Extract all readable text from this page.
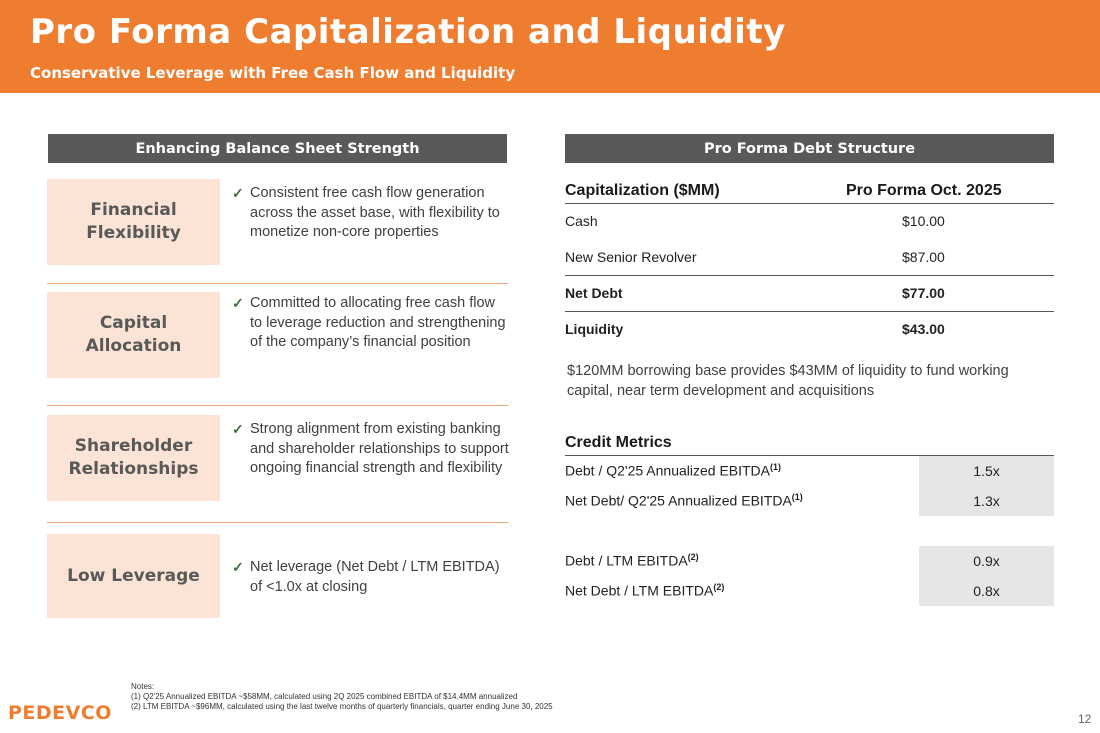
Pro Forma Capitalization and Liquidity
Conservative Leverage with Free Cash Flow and Liquidity
Enhancing Balance Sheet Strength
Financial
Flexibility
✓ Consistent free cash flow generation across the asset base, with flexibility to monetize non-core properties
Capital
Allocation
✓ Committed to allocating free cash flow to leverage reduction and strengthening of the company’s financial position
Shareholder
Relationships
✓ Strong alignment from existing banking and shareholder relationships to support ongoing financial strength and flexibility
Low Leverage ✓ Net leverage (Net Debt / LTM EBITDA) of <1.0x at closing
Pro Forma Debt Structure
Capitalization ($MM)	Pro Forma Oct. 2025
Cash	$10.00
New Senior Revolver	$87.00
Net Debt	$77.00
Liquidity	$43.00
$120MM borrowing base provides $43MM of liquidity to fund working capital, near term development and acquisitions
Credit Metrics
Debt / Q2'25 Annualized EBITDA$^{(1)}$	1.5x
Net Debt/ Q2'25 Annualized EBITDA$^{(1)}$	1.3x
Debt / LTM EBITDA$^{(2)}$	0.9x
Net Debt / LTM EBITDA$^{(2)}$	0.8x
PEDEVCO
Notes:
(1) Q2'25 Annualized EBITDA ~$58MM, calculated using 2Q 2025 combined EBITDA of $14.4MM annualized
(2) LTM EBITDA ~$96MM, calculated using the last twelve months of quarterly financials, quarter ending June 30, 2025
12
